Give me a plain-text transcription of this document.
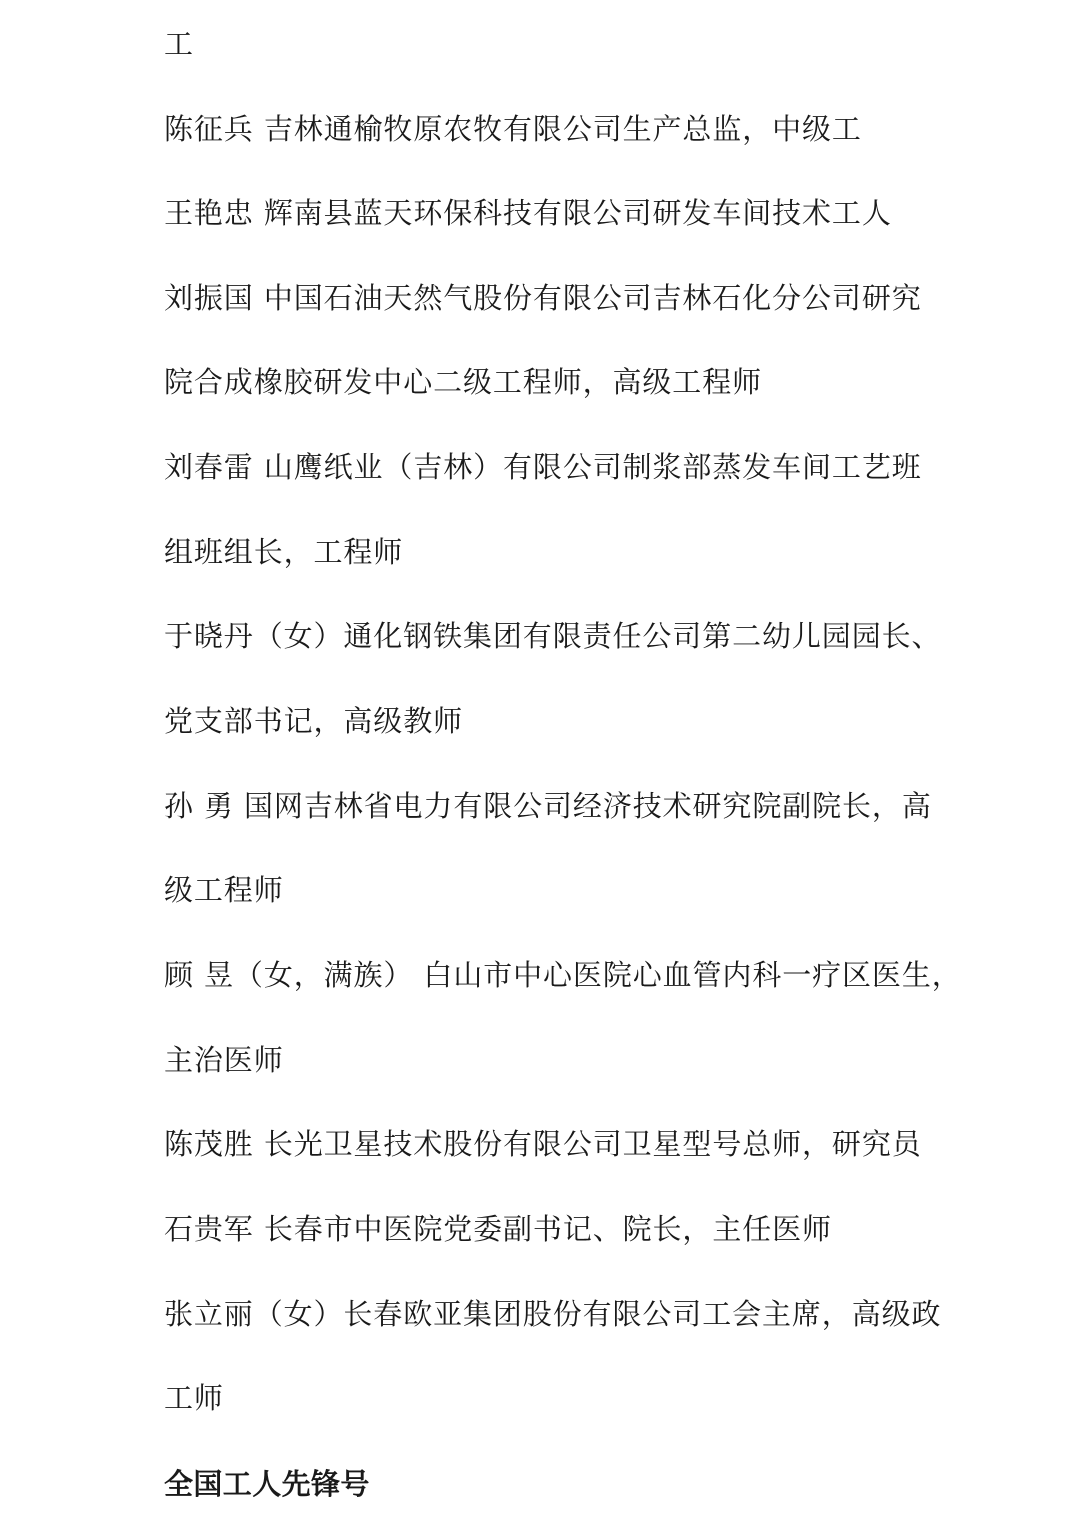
工
陈征兵 吉林通榆牧原农牧有限公司生产总监，中级工
王艳忠 辉南县蓝天环保科技有限公司研发车间技术工人
刘振国 中国石油天然气股份有限公司吉林石化分公司研究
院合成橡胶研发中心二级工程师，高级工程师
刘春雷 山鹰纸业（吉林）有限公司制浆部蒸发车间工艺班
组班组长，工程师
于晓丹（女）通化钢铁集团有限责任公司第二幼儿园园长、
党支部书记，高级教师
孙 勇 国网吉林省电力有限公司经济技术研究院副院长，高
级工程师
顾 昱（女，满族） 白山市中心医院心血管内科一疗区医生，
主治医师
陈茂胜 长光卫星技术股份有限公司卫星型号总师，研究员
石贵军 长春市中医院党委副书记、院长，主任医师
张立丽（女）长春欧亚集团股份有限公司工会主席，高级政
工师
全国工人先锋号
